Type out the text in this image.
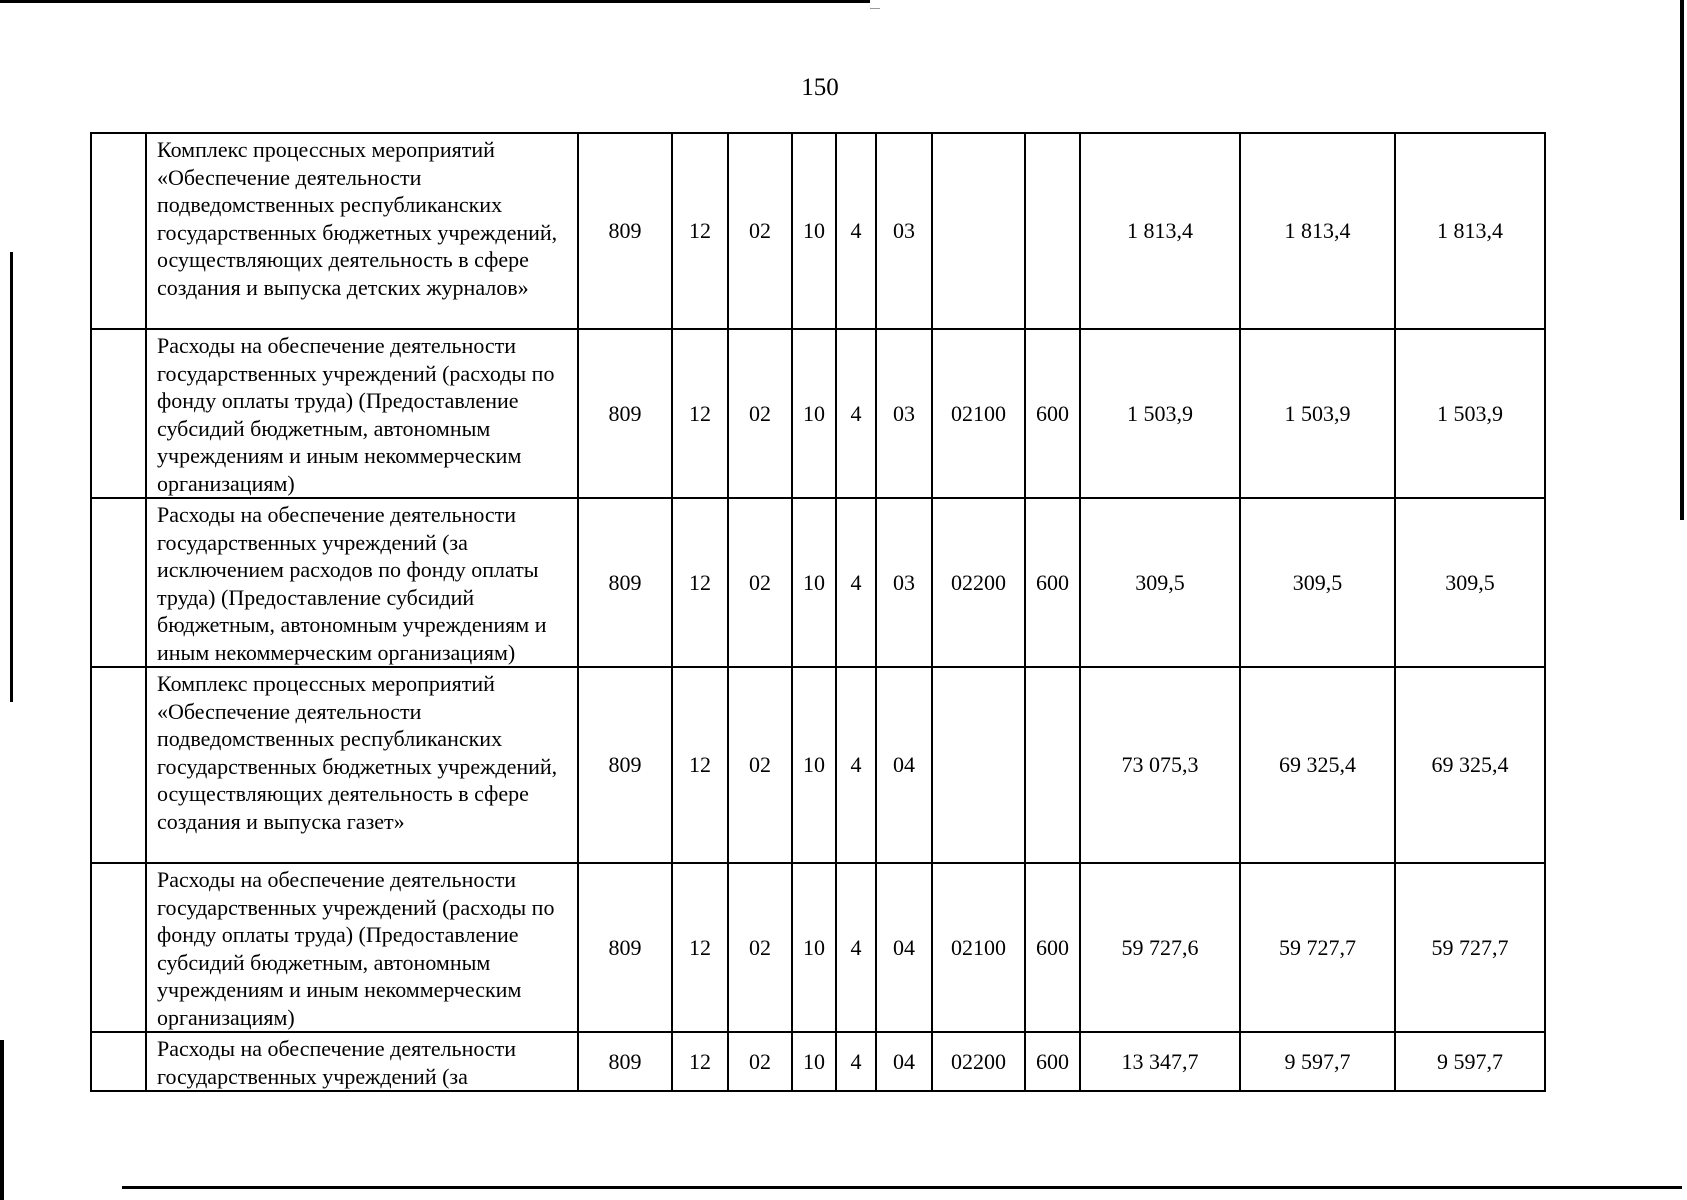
150
	Комплекс процессных мероприятий «Обеспечение деятельности подведомственных республиканских государственных бюджетных учреждений, осуществляющих деятельность в сфере создания и выпуска детских журналов»	809	12	02	10	4	03			1 813,4	1 813,4	1 813,4
	Расходы на обеспечение деятельности государственных учреждений (расходы по фонду оплаты труда) (Предоставление субсидий бюджетным, автономным учреждениям и иным некоммерческим организациям)	809	12	02	10	4	03	02100	600	1 503,9	1 503,9	1 503,9
	Расходы на обеспечение деятельности государственных учреждений (за исключением расходов по фонду оплаты труда) (Предоставление субсидий бюджетным, автономным учреждениям и иным некоммерческим организациям)	809	12	02	10	4	03	02200	600	309,5	309,5	309,5
	Комплекс процессных мероприятий «Обеспечение деятельности подведомственных республиканских государственных бюджетных учреждений, осуществляющих деятельность в сфере создания и выпуска газет»	809	12	02	10	4	04			73 075,3	69 325,4	69 325,4
	Расходы на обеспечение деятельности государственных учреждений (расходы по фонду оплаты труда) (Предоставление субсидий бюджетным, автономным учреждениям и иным некоммерческим организациям)	809	12	02	10	4	04	02100	600	59 727,6	59 727,7	59 727,7
	Расходы на обеспечение деятельности государственных учреждений (за	809	12	02	10	4	04	02200	600	13 347,7	9 597,7	9 597,7
